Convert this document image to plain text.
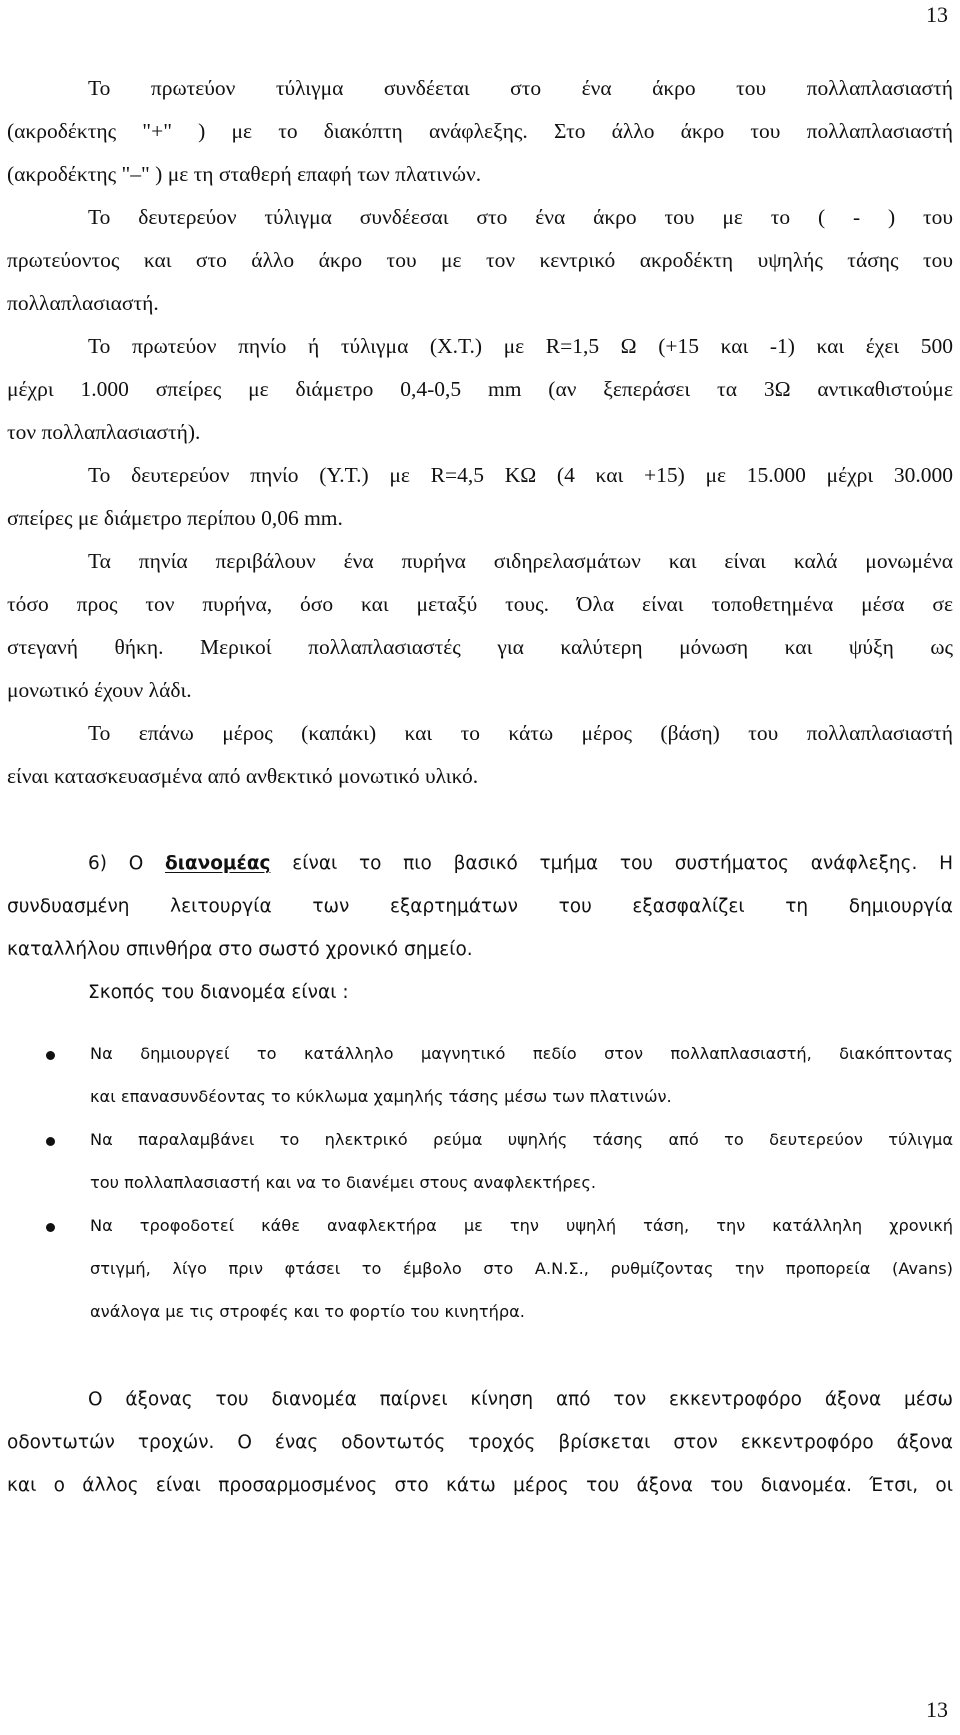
13
Το πρωτεύον τύλιγμα συνδέεται στο ένα άκρο του πολλαπλασιαστή
(ακροδέκτης "+" ) με το διακόπτη ανάφλεξης. Στο άλλο άκρο του πολλαπλασιαστή
(ακροδέκτης "–" ) με τη σταθερή επαφή των πλατινών.
Το δευτερεύον τύλιγμα συνδέεσαι στο ένα άκρο του με το ( - ) του
πρωτεύοντος και στο άλλο άκρο του με τον κεντρικό ακροδέκτη υψηλής τάσης του
πολλαπλασιαστή.
Το πρωτεύον πηνίο ή τύλιγμα (Χ.Τ.) με R=1,5 Ω (+15 και -1) και έχει 500
μέχρι 1.000 σπείρες με διάμετρο 0,4-0,5 mm (αν ξεπεράσει τα 3Ω αντικαθιστούμε
τον πολλαπλασιαστή).
Το δευτερεύον πηνίο (Υ.Τ.) με R=4,5 ΚΩ (4 και +15) με 15.000 μέχρι 30.000
σπείρες με διάμετρο περίπου 0,06 mm.
Τα πηνία περιβάλουν ένα πυρήνα σιδηρελασμάτων και είναι καλά μονωμένα
τόσο προς τον πυρήνα, όσο και μεταξύ τους. Όλα είναι τοποθετημένα μέσα σε
στεγανή θήκη. Μερικοί πολλαπλασιαστές για καλύτερη μόνωση και ψύξη ως
μονωτικό έχουν λάδι.
Το επάνω μέρος (καπάκι) και το κάτω μέρος (βάση) του πολλαπλασιαστή
είναι κατασκευασμένα από ανθεκτικό μονωτικό υλικό.
6) Ο διανομέας είναι το πιο βασικό τμήμα του συστήματος ανάφλεξης. Η
συνδυασμένη λειτουργία των εξαρτημάτων του εξασφαλίζει τη δημιουργία
καταλλήλου σπινθήρα στο σωστό χρονικό σημείο.
Σκοπός του διανομέα είναι :
Να δημιουργεί το κατάλληλο μαγνητικό πεδίο στον πολλαπλασιαστή, διακόπτοντας
και επανασυνδέοντας το κύκλωμα χαμηλής τάσης μέσω των πλατινών.
Να παραλαμβάνει το ηλεκτρικό ρεύμα υψηλής τάσης από το δευτερεύον τύλιγμα
του πολλαπλασιαστή και να το διανέμει στους αναφλεκτήρες.
Να τροφοδοτεί κάθε αναφλεκτήρα με την υψηλή τάση, την κατάλληλη χρονική
στιγμή, λίγο πριν φτάσει το έμβολο στο Α.Ν.Σ., ρυθμίζοντας την προπορεία (Avans)
ανάλογα με τις στροφές και το φορτίο του κινητήρα.
Ο άξονας του διανομέα παίρνει κίνηση από τον εκκεντροφόρο άξονα μέσω
οδοντωτών τροχών. Ο ένας οδοντωτός τροχός βρίσκεται στον εκκεντροφόρο άξονα
και ο άλλος είναι προσαρμοσμένος στο κάτω μέρος του άξονα του διανομέα. Έτσι, οι
13
